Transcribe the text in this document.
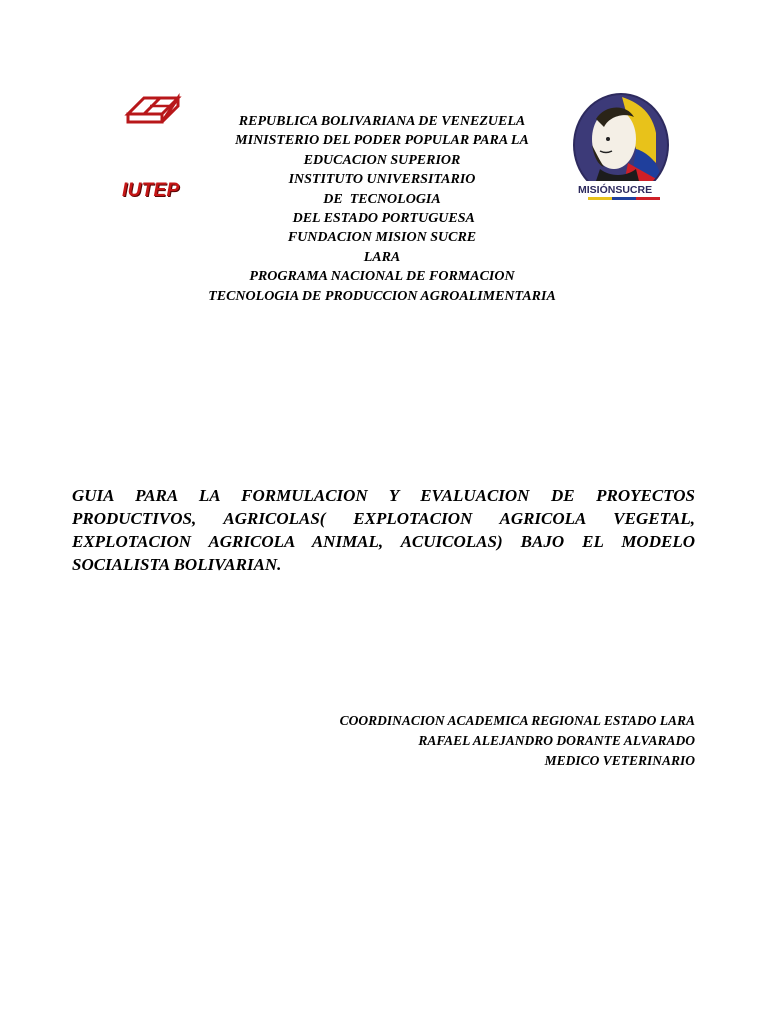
IUTEP	MISIÓNSUCRE
REPUBLICA BOLIVARIANA DE VENEZUELA
MINISTERIO DEL PODER POPULAR PARA LA
EDUCACION SUPERIOR
INSTITUTO UNIVERSITARIO
DE  TECNOLOGIA
DEL ESTADO PORTUGUESA
FUNDACION MISION SUCRE
LARA
PROGRAMA NACIONAL DE FORMACION
TECNOLOGIA DE PRODUCCION AGROALIMENTARIA
GUIA PARA LA FORMULACION Y EVALUACION DE PROYECTOS PRODUCTIVOS, AGRICOLAS( EXPLOTACION AGRICOLA VEGETAL, EXPLOTACION AGRICOLA ANIMAL, ACUICOLAS) BAJO EL MODELO SOCIALISTA BOLIVARIAN.
COORDINACION ACADEMICA REGIONAL ESTADO LARA
RAFAEL ALEJANDRO DORANTE ALVARADO
MEDICO VETERINARIO
